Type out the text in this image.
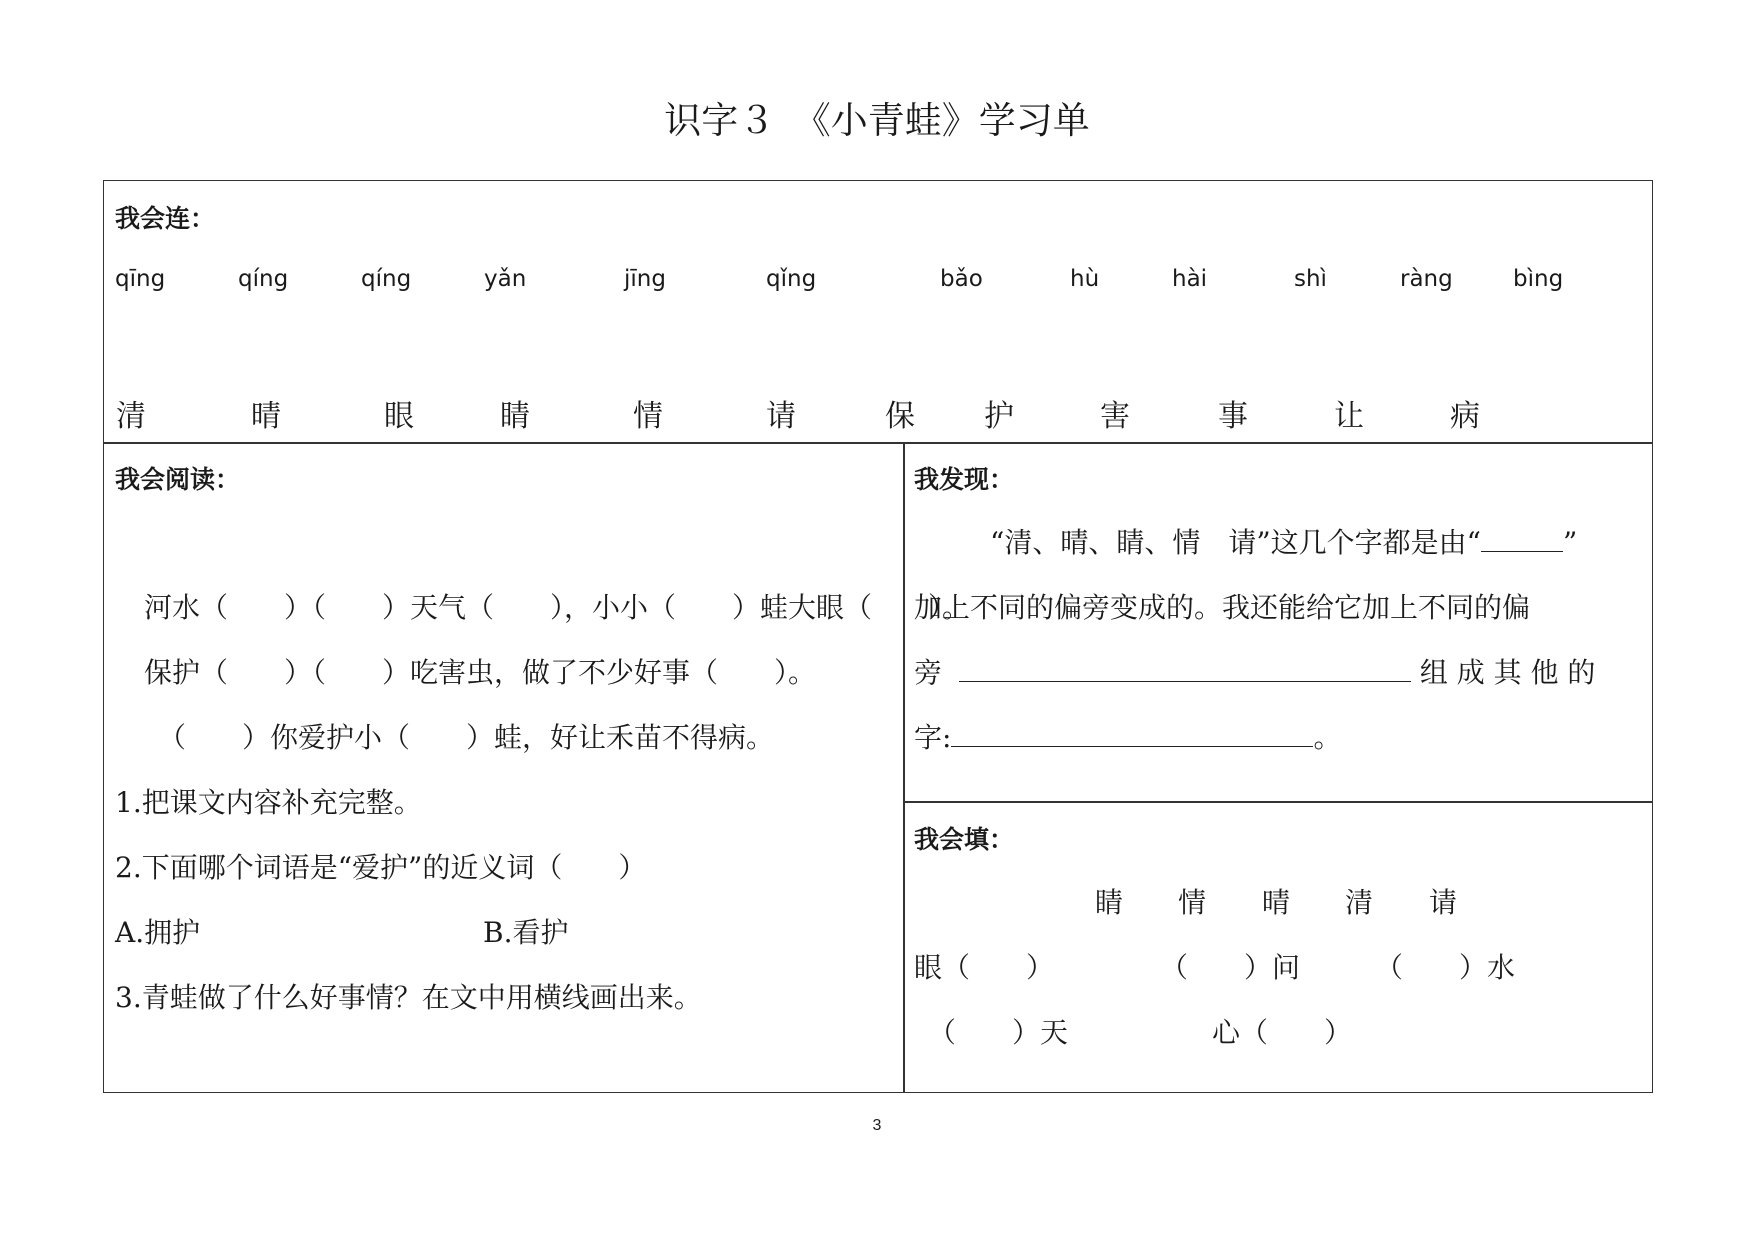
识字３　《小青蛙》学习单
我会连：
qīng	qíng	qíng	yǎn	jīng	qǐng	bǎo	hù	hài	shì	ràng	bìng
清	晴	眼	睛	情	请	保 护	害	事	让	病
我会阅读：
河水（　　）（　　）天气（　　），小小（　　）蛙大眼（　　）。
保护（　　）（　　）吃害虫，做了不少好事（　　）。
（　　）你爱护小（　　）蛙，好让禾苗不得病。
1.把课文内容补充完整。
2.下面哪个词语是“爱护”的近义词（　　）
A.拥护	B.看护
3.青蛙做了什么好事情？在文中用横线画出来。
我发现：
“清、晴、睛、情　请”这几个字都是由“	”
加上不同的偏旁变成的。我还能给它加上不同的偏
旁	组 成 其 他 的
字:	。
我会填：
睛 情 晴 清 请
眼（　　）	（　　）问	（　　）水
（　　）天	心（　　）
3
